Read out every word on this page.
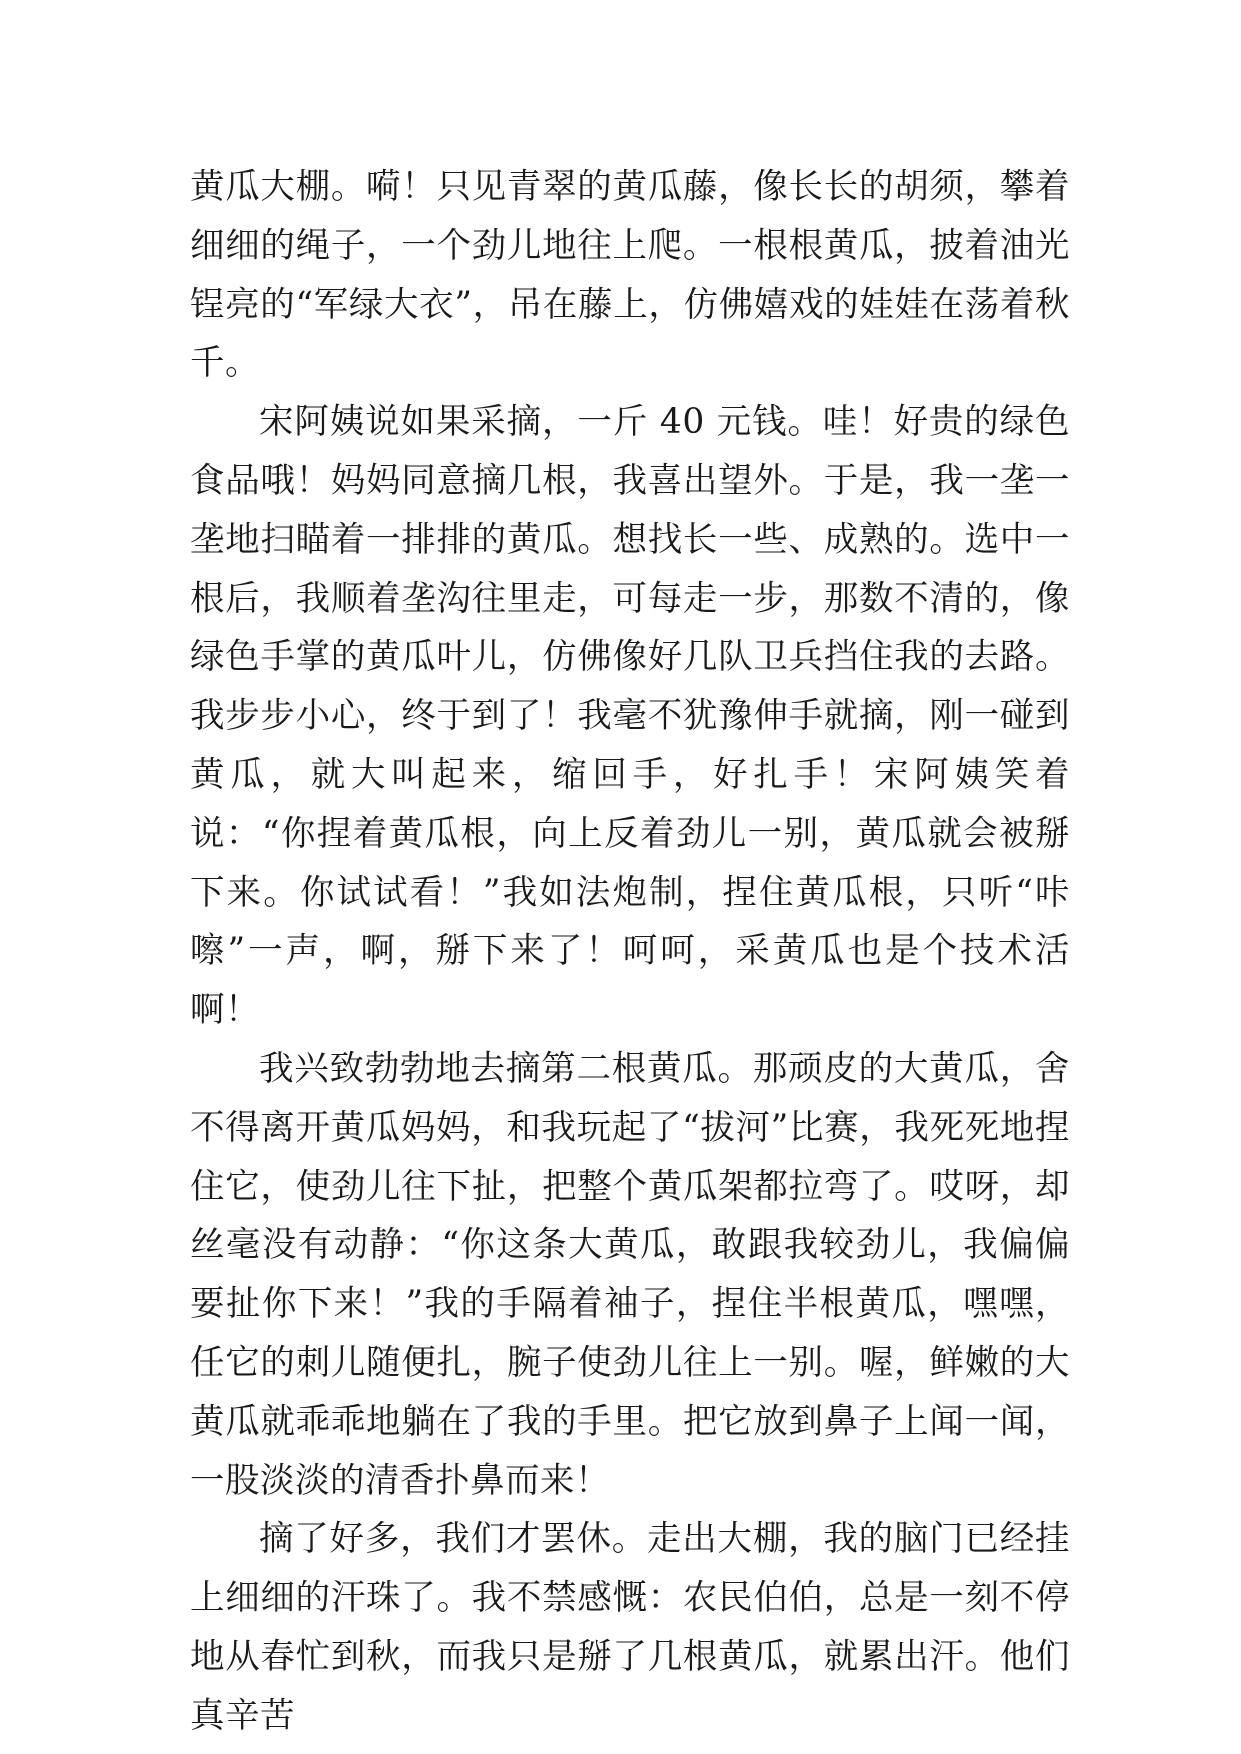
黄瓜大棚。嗬！只见青翠的黄瓜藤，像长长的胡须，攀着细细的绳子，一个劲儿地往上爬。一根根黄瓜，披着油光锃亮的“军绿大衣”，吊在藤上，仿佛嬉戏的娃娃在荡着秋千。

宋阿姨说如果采摘，一斤 40 元钱。哇！好贵的绿色食品哦！妈妈同意摘几根，我喜出望外。于是，我一垄一垄地扫瞄着一排排的黄瓜。想找长一些、成熟的。选中一根后，我顺着垄沟往里走，可每走一步，那数不清的，像绿色手掌的黄瓜叶儿，仿佛像好几队卫兵挡住我的去路。我步步小心，终于到了！我毫不犹豫伸手就摘，刚一碰到黄瓜，就大叫起来，缩回手，好扎手！宋阿姨笑着说：“你捏着黄瓜根，向上反着劲儿一别，黄瓜就会被掰下来。你试试看！”我如法炮制，捏住黄瓜根，只听“咔嚓”一声，啊，掰下来了！呵呵，采黄瓜也是个技术活啊！

我兴致勃勃地去摘第二根黄瓜。那顽皮的大黄瓜，舍不得离开黄瓜妈妈，和我玩起了“拔河”比赛，我死死地捏住它，使劲儿往下扯，把整个黄瓜架都拉弯了。哎呀，却丝毫没有动静：“你这条大黄瓜，敢跟我较劲儿，我偏偏要扯你下来！”我的手隔着袖子，捏住半根黄瓜，嘿嘿，任它的刺儿随便扎，腕子使劲儿往上一别。喔，鲜嫩的大黄瓜就乖乖地躺在了我的手里。把它放到鼻子上闻一闻，一股淡淡的清香扑鼻而来！

摘了好多，我们才罢休。走出大棚，我的脑门已经挂上细细的汗珠了。我不禁感慨：农民伯伯，总是一刻不停地从春忙到秋，而我只是掰了几根黄瓜，就累出汗。他们真辛苦
